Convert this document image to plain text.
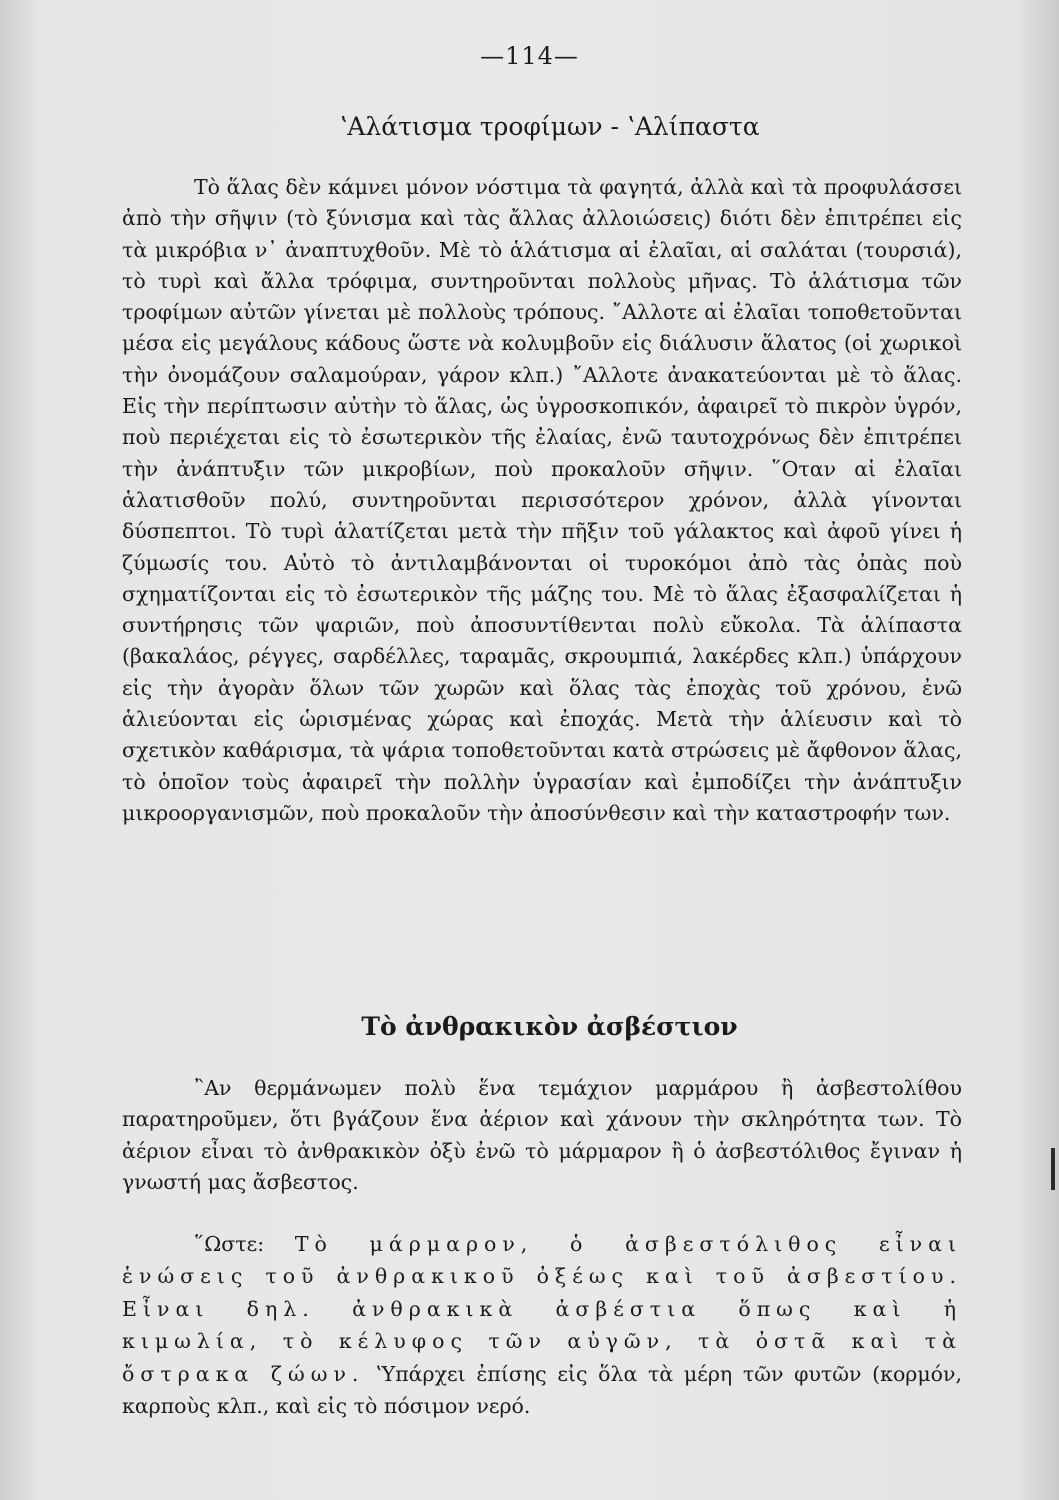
—114—
ʽΑλάτισμα τροφίμων - ʽΑλίπαστα

Τὸ ἅλας δὲν κάμνει μόνον νόστιμα τὰ φαγητά, ἀλλὰ καὶ τὰ προφυλάσσει ἀπὸ τὴν σῆψιν (τὸ ξύνισμα καὶ τὰς ἄλλας ἀλλοιώσεις) διότι δὲν ἐπιτρέπει εἰς τὰ μικρόβια ν᾿ ἀναπτυχθοῦν. Μὲ τὸ ἁλάτισμα αἱ ἐλαῖαι, αἱ σαλάται (τουρσιά), τὸ τυρὶ καὶ ἄλλα τρόφιμα, συντηροῦνται πολλοὺς μῆνας. Τὸ ἁλάτισμα τῶν τροφίμων αὐτῶν γίνεται μὲ πολλοὺς τρόπους. ῎Αλλοτε αἱ ἐλαῖαι τοποθετοῦνται μέσα εἰς μεγάλους κάδους ὥστε νὰ κολυμβοῦν εἰς διάλυσιν ἅλατος (οἱ χωρικοὶ τὴν ὀνομάζουν σαλαμούραν, γάρον κλπ.) ῎Αλλοτε ἀνακατεύονται μὲ τὸ ἅλας. Εἰς τὴν περίπτωσιν αὐτὴν τὸ ἅλας, ὡς ὑγροσκοπικόν, ἀφαιρεῖ τὸ πικρὸν ὑγρόν, ποὺ περιέχεται εἰς τὸ ἐσωτερικὸν τῆς ἐλαίας, ἐνῶ ταυτοχρόνως δὲν ἐπιτρέπει τὴν ἀνάπτυξιν τῶν μικροβίων, ποὺ προκαλοῦν σῆψιν. ῞Οταν αἱ ἐλαῖαι ἁλατισθοῦν πολύ, συντηροῦνται περισσότερον χρόνον, ἀλλὰ γίνονται δύσπεπτοι. Τὸ τυρὶ ἁλατίζεται μετὰ τὴν πῆξιν τοῦ γάλακτος καὶ ἀφοῦ γίνει ἡ ζύμωσίς του. Αὐτὸ τὸ ἀντιλαμβάνονται οἱ τυροκόμοι ἀπὸ τὰς ὀπὰς ποὺ σχηματίζονται εἰς τὸ ἐσωτερικὸν τῆς μάζης του. Μὲ τὸ ἅλας ἐξασφαλίζεται ἡ συντήρησις τῶν ψαριῶν, ποὺ ἀποσυντίθενται πολὺ εὔκολα. Τὰ ἁλίπαστα (βακαλάος, ρέγγες, σαρδέλλες, ταραμᾶς, σκρουμπιά, λακέρδες κλπ.) ὑπάρχουν εἰς τὴν ἀγορὰν ὅλων τῶν χωρῶν καὶ ὅλας τὰς ἐποχὰς τοῦ χρόνου, ἐνῶ ἁλιεύονται εἰς ὡρισμένας χώρας καὶ ἐποχάς. Μετὰ τὴν ἁλίευσιν καὶ τὸ σχετικὸν καθάρισμα, τὰ ψάρια τοποθετοῦνται κατὰ στρώσεις μὲ ἄφθονον ἅλας, τὸ ὁποῖον τοὺς ἀφαιρεῖ τὴν πολλὴν ὑγρασίαν καὶ ἐμποδίζει τὴν ἀνάπτυξιν μικροοργανισμῶν, ποὺ προκαλοῦν τὴν ἀποσύνθεσιν καὶ τὴν καταστροφήν των.

Τὸ ἀνθρακικὸν ἀσβέστιον

῍Αν θερμάνωμεν πολὺ ἕνα τεμάχιον μαρμάρου ἢ ἀσβεστολίθου παρατηροῦμεν, ὅτι βγάζουν ἕνα ἀέριον καὶ χάνουν τὴν σκληρότητα των. Τὸ ἀέριον εἶναι τὸ ἀνθρακικὸν ὀξὺ ἐνῶ τὸ μάρμαρον ἢ ὁ ἀσβεστόλιθος ἔγιναν ἡ γνωστή μας ἄσβεστος.

῞Ωστε: Τὸ μάρμαρον, ὁ ἀσβεστόλιθος εἶναι ἑνώσεις τοῦ ἀνθρακικοῦ ὀξέως καὶ τοῦ ἀσβεστίου. Εἶναι δηλ. ἀνθρακικὰ ἀσβέστια ὅπως καὶ ἡ κιμωλία, τὸ κέλυφος τῶν αὐγῶν, τὰ ὀστᾶ καὶ τὰ ὄστρακα ζώων. ʽΥπάρχει ἐπίσης εἰς ὅλα τὰ μέρη τῶν φυτῶν (κορμόν, καρποὺς κλπ., καὶ εἰς τὸ πόσιμον νερό.
